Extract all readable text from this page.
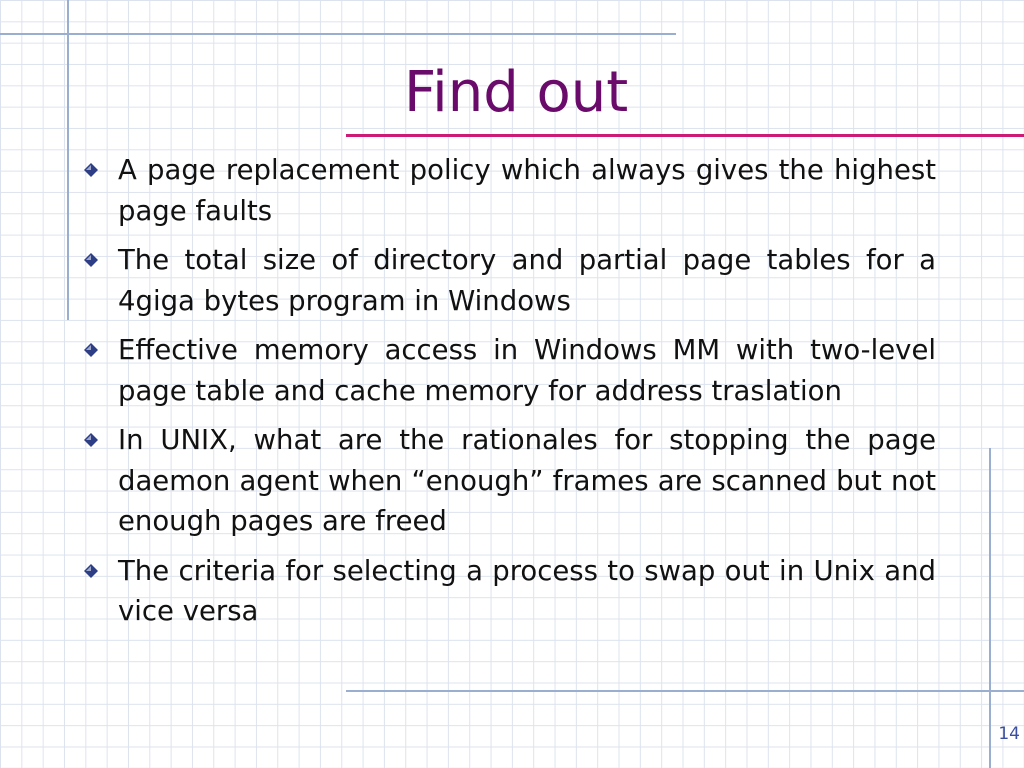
Find out
A page replacement policy which always gives the highest page faults
The total size of directory and partial page tables for a 4giga bytes program in Windows
Effective memory access in Windows MM with two-level page table and cache memory for address traslation
In UNIX, what are the rationales for stopping the page daemon agent when “enough” frames are scanned but not enough pages are freed
The criteria for selecting a process to swap out in Unix and vice versa
14
